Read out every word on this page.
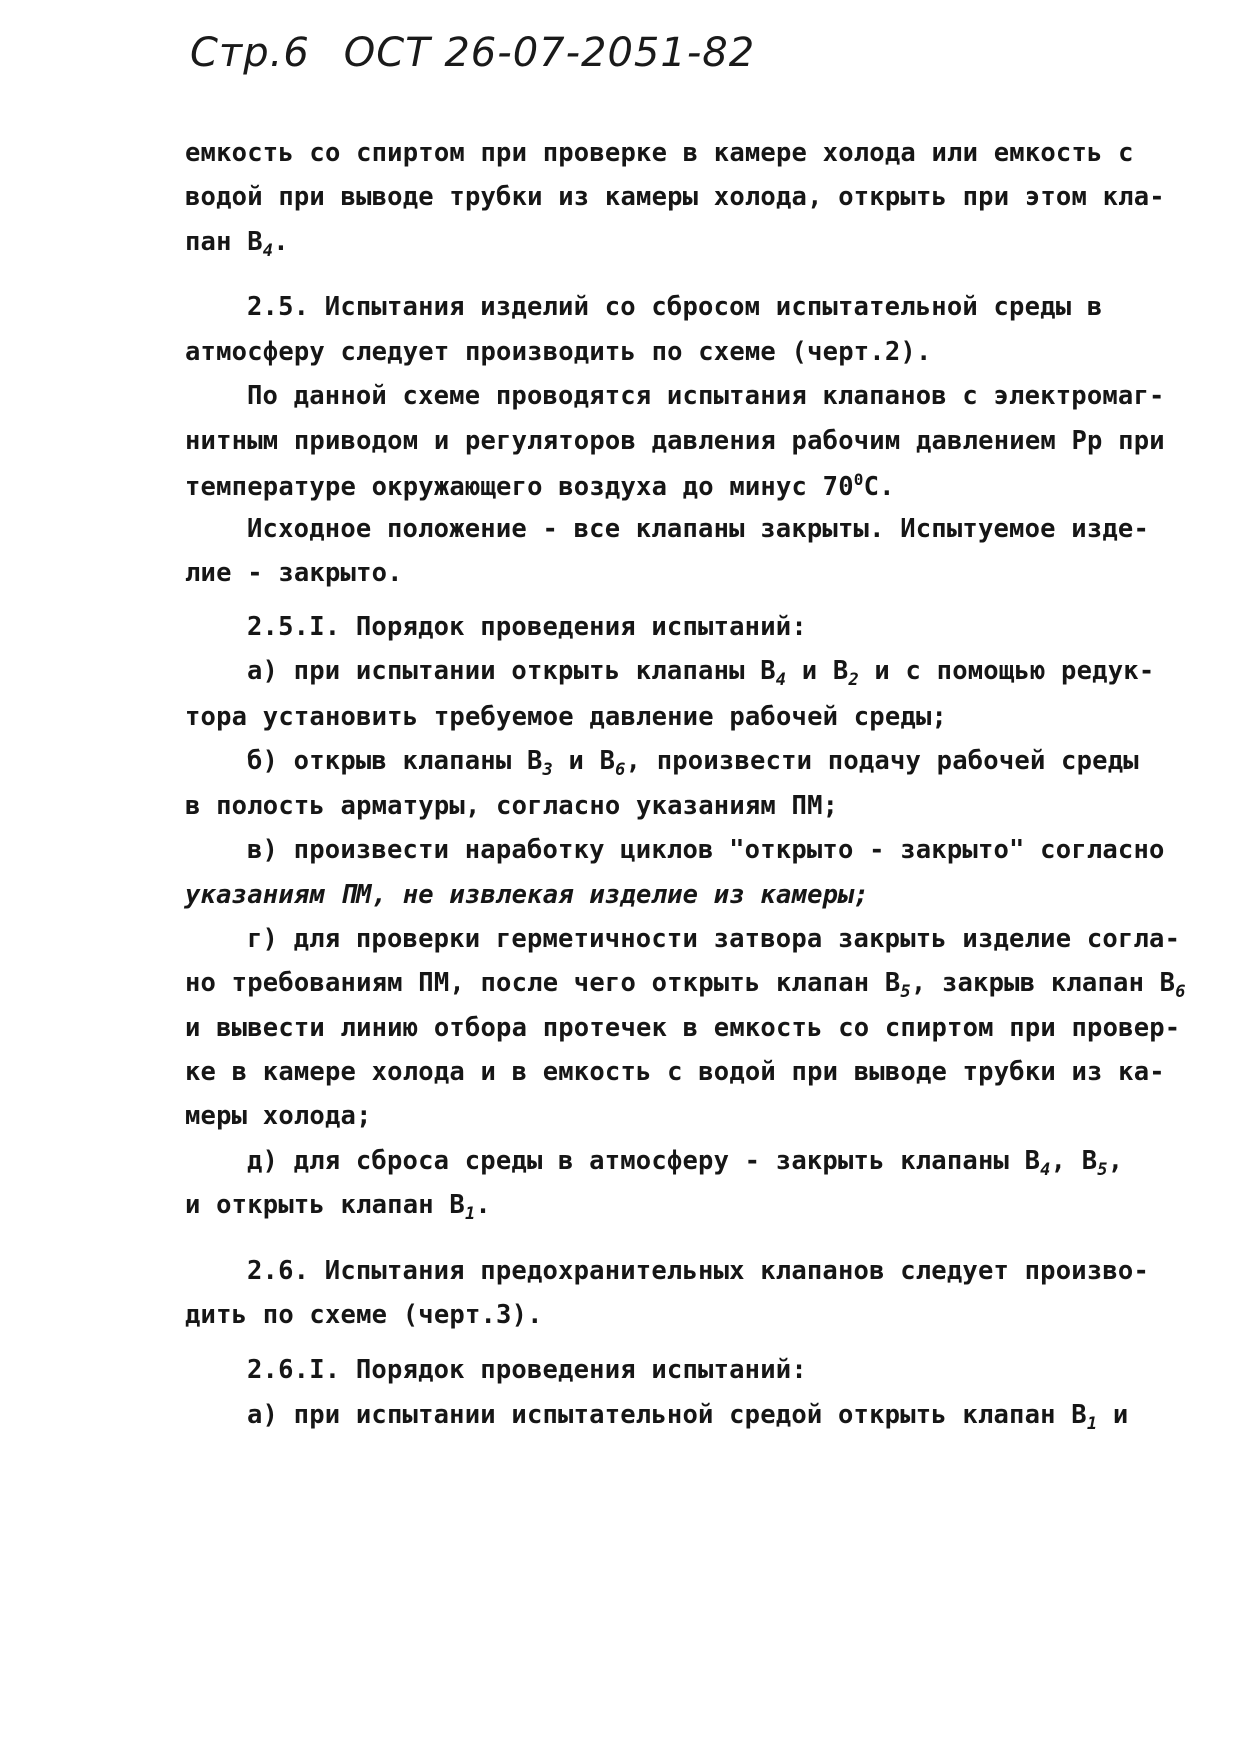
Стр.6 ОСТ 26-07-2051-82
емкость со спиртом при проверке в камере холода или емкость с
водой при выводе трубки из камеры холода, открыть при этом кла-
пан $В_4$.
2.5. Испытания изделий со сбросом испытательной среды в
атмосферу следует производить по схеме (черт.2).
По данной схеме проводятся испытания клапанов с электромаг-
нитным приводом и регуляторов давления рабочим давлением Рр при
температуре окружающего воздуха до минус $70^0С$.
Исходное положение - все клапаны закрыты. Испытуемое изде-
лие - закрыто.
2.5.I. Порядок проведения испытаний:
а) при испытании открыть клапаны $В_4$ и $В_2$ и с помощью редук-
тора установить требуемое давление рабочей среды;
б) открыв клапаны $В_3$ и $В_6$, произвести подачу рабочей среды
в полость арматуры, согласно указаниям ПМ;
в) произвести наработку циклов "открыто - закрыто" согласно
указаниям ПМ, не извлекая изделие из камеры;
г) для проверки герметичности затвора закрыть изделие согла-
но требованиям ПМ, после чего открыть клапан $В_5$, закрыв клапан $В_6$
и вывести линию отбора протечек в емкость со спиртом при провер-
ке в камере холода и в емкость с водой при выводе трубки из ка-
меры холода;
д) для сброса среды в атмосферу - закрыть клапаны $В_4$, $В_5$,
и открыть клапан $В_1$.
2.6. Испытания предохранительных клапанов следует произво-
дить по схеме (черт.3).
2.6.I. Порядок проведения испытаний:
а) при испытании испытательной средой открыть клапан $В_1$ и
